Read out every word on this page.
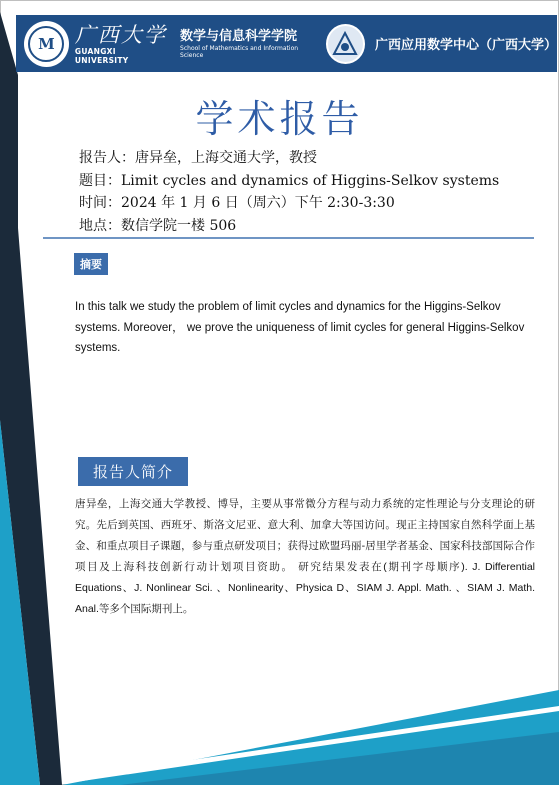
M 广西大学
GUANGXI UNIVERSITY
数学与信息科学学院
School of Mathematics and Information Science
广西应用数学中心（广西大学）
学术报告
报告人：唐异垒，上海交通大学，教授
题目：Limit cycles and dynamics of Higgins-Selkov systems
时间：2024 年 1 月 6 日（周六）下午 2:30-3:30
地点：数信学院一楼 506
摘要
In this talk we study the problem of limit cycles and dynamics for the Higgins-Selkov systems. Moreover， we prove the uniqueness of limit cycles for general Higgins-Selkov systems.
报告人简介
唐异垒，上海交通大学教授、博导，主要从事常微分方程与动力系统的定性理论与分支理论的研究。先后到英国、西班牙、斯洛文尼亚、意大利、加拿大等国访问。现正主持国家自然科学面上基金、和重点项目子课题，参与重点研发项目；获得过欧盟玛丽-居里学者基金、国家科技部国际合作项目及上海科技创新行动计划项目资助。 研究结果发表在(期刊字母顺序). J. Differential Equations、J. Nonlinear Sci. 、Nonlinearity、Physica D、SIAM J. Appl. Math. 、SIAM J. Math. Anal.等多个国际期刊上。
